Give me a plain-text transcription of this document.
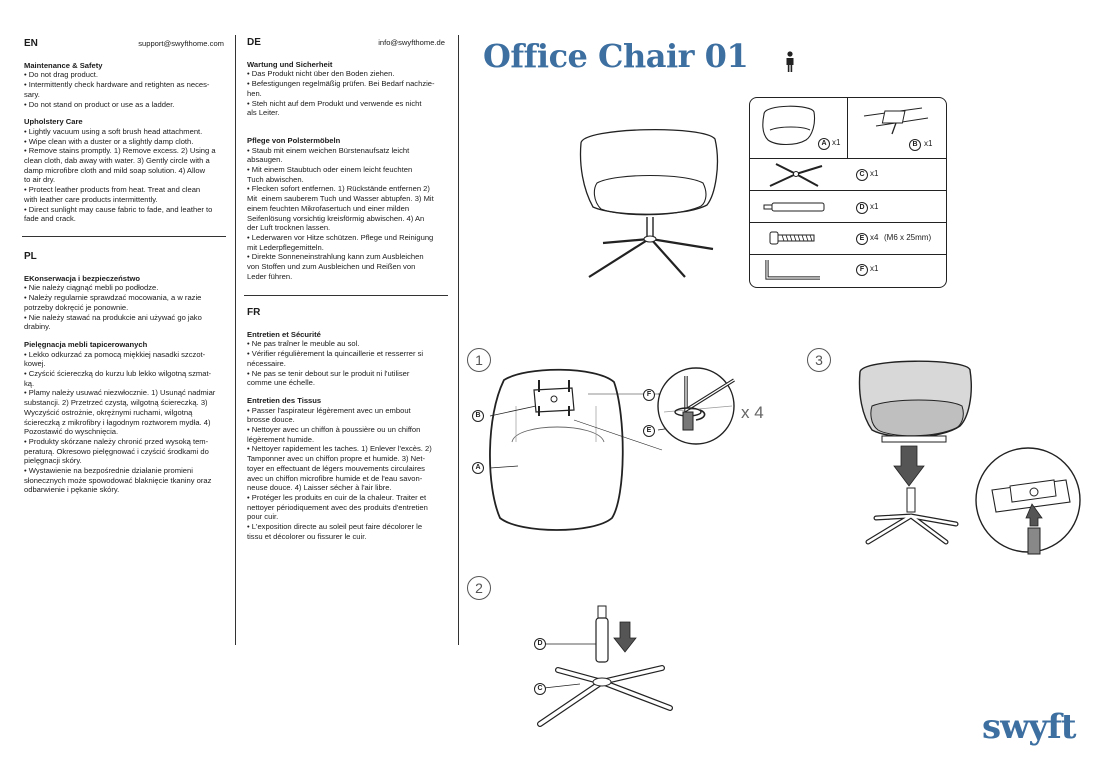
Office Chair 01
swyft
EN	support@swyfthome.com
Maintenance & Safety
• Do not drag product.
• Intermittently check hardware and retighten as neces-
sary.
• Do not stand on product or use as a ladder.
Upholstery Care
• Lightly vacuum using a soft brush head attachment.
• Wipe clean with a duster or a slightly damp cloth.
• Remove stains promptly. 1) Remove excess. 2) Using a
clean cloth, dab away with water. 3) Gently circle with a
damp microfibre cloth and mild soap solution. 4) Allow
to air dry.
• Protect leather products from heat. Treat and clean
with leather care products intermittently.
• Direct sunlight may cause fabric to fade, and leather to
fade and crack.
PL
EKonserwacja i bezpieczeństwo
• Nie należy ciągnąć mebli po podłodze.
• Należy regularnie sprawdzać mocowania, a w razie
potrzeby dokręcić je ponownie.
• Nie należy stawać na produkcie ani używać go jako
drabiny.
Pielęgnacja mebli tapicerowanych
• Lekko odkurzać za pomocą miękkiej nasadki szczot-
kowej.
• Czyścić ściereczką do kurzu lub lekko wilgotną szmat-
ką.
• Plamy należy usuwać niezwłocznie. 1) Usunąć nadmiar
substancji. 2) Przetrzeć czystą, wilgotną ściereczką. 3)
Wyczyścić ostrożnie, okrężnymi ruchami, wilgotną
ściereczką z mikrofibry i łagodnym roztworem mydła. 4)
Pozostawić do wyschnięcia.
• Produkty skórzane należy chronić przed wysoką tem-
peraturą. Okresowo pielęgnować i czyścić środkami do
pielęgnacji skóry.
• Wystawienie na bezpośrednie działanie promieni
słonecznych może spowodować blaknięcie tkaniny oraz
odbarwienie i pękanie skóry.
DE	info@swyfthome.de
Wartung und Sicherheit
• Das Produkt nicht über den Boden ziehen.
• Befestigungen regelmäßig prüfen. Bei Bedarf nachzie-
hen.
• Steh nicht auf dem Produkt und verwende es nicht
als Leiter.
Pflege von Polstermöbeln
• Staub mit einem weichen Bürstenaufsatz leicht
absaugen.
• Mit einem Staubtuch oder einem leicht feuchten
Tuch abwischen.
• Flecken sofort entfernen. 1) Rückstände entfernen 2)
Mit  einem sauberem Tuch und Wasser abtupfen. 3) Mit
einem feuchten Mikrofasertuch und einer milden
Seifenlösung vorsichtig kreisförmig abwischen. 4) An
der Luft trocknen lassen.
• Lederwaren vor Hitze schützen. Pflege und Reinigung
mit Lederpflegemitteln.
• Direkte Sonneneinstrahlung kann zum Ausbleichen
von Stoffen und zum Ausbleichen und Reißen von
Leder führen.
FR
Entretien et Sécurité
• Ne pas traîner le meuble au sol.
• Vérifier régulièrement la quincaillerie et resserrer si
nécessaire.
• Ne pas se tenir debout sur le produit ni l'utiliser
comme une échelle.
Entretien des Tissus
• Passer l'aspirateur légèrement avec un embout
brosse douce.
• Nettoyer avec un chiffon à poussière ou un chiffon
légèrement humide.
• Nettoyer rapidement les taches. 1) Enlever l'excès. 2)
Tamponner avec un chiffon propre et humide. 3) Net-
toyer en effectuant de légers mouvements circulaires
avec un chiffon microfibre humide et de l'eau savon-
neuse douce. 4) Laisser sécher à l'air libre.
• Protéger les produits en cuir de la chaleur. Traiter et
nettoyer périodiquement avec des produits d'entretien
pour cuir.
• L'exposition directe au soleil peut faire décolorer le
tissu et décolorer ou fissurer le cuir.
A x1	B x1
C x1
D x1
E x4 (M6 x 25mm)
F x1
1
B
A
F
E
x 4
2
D
C
3
